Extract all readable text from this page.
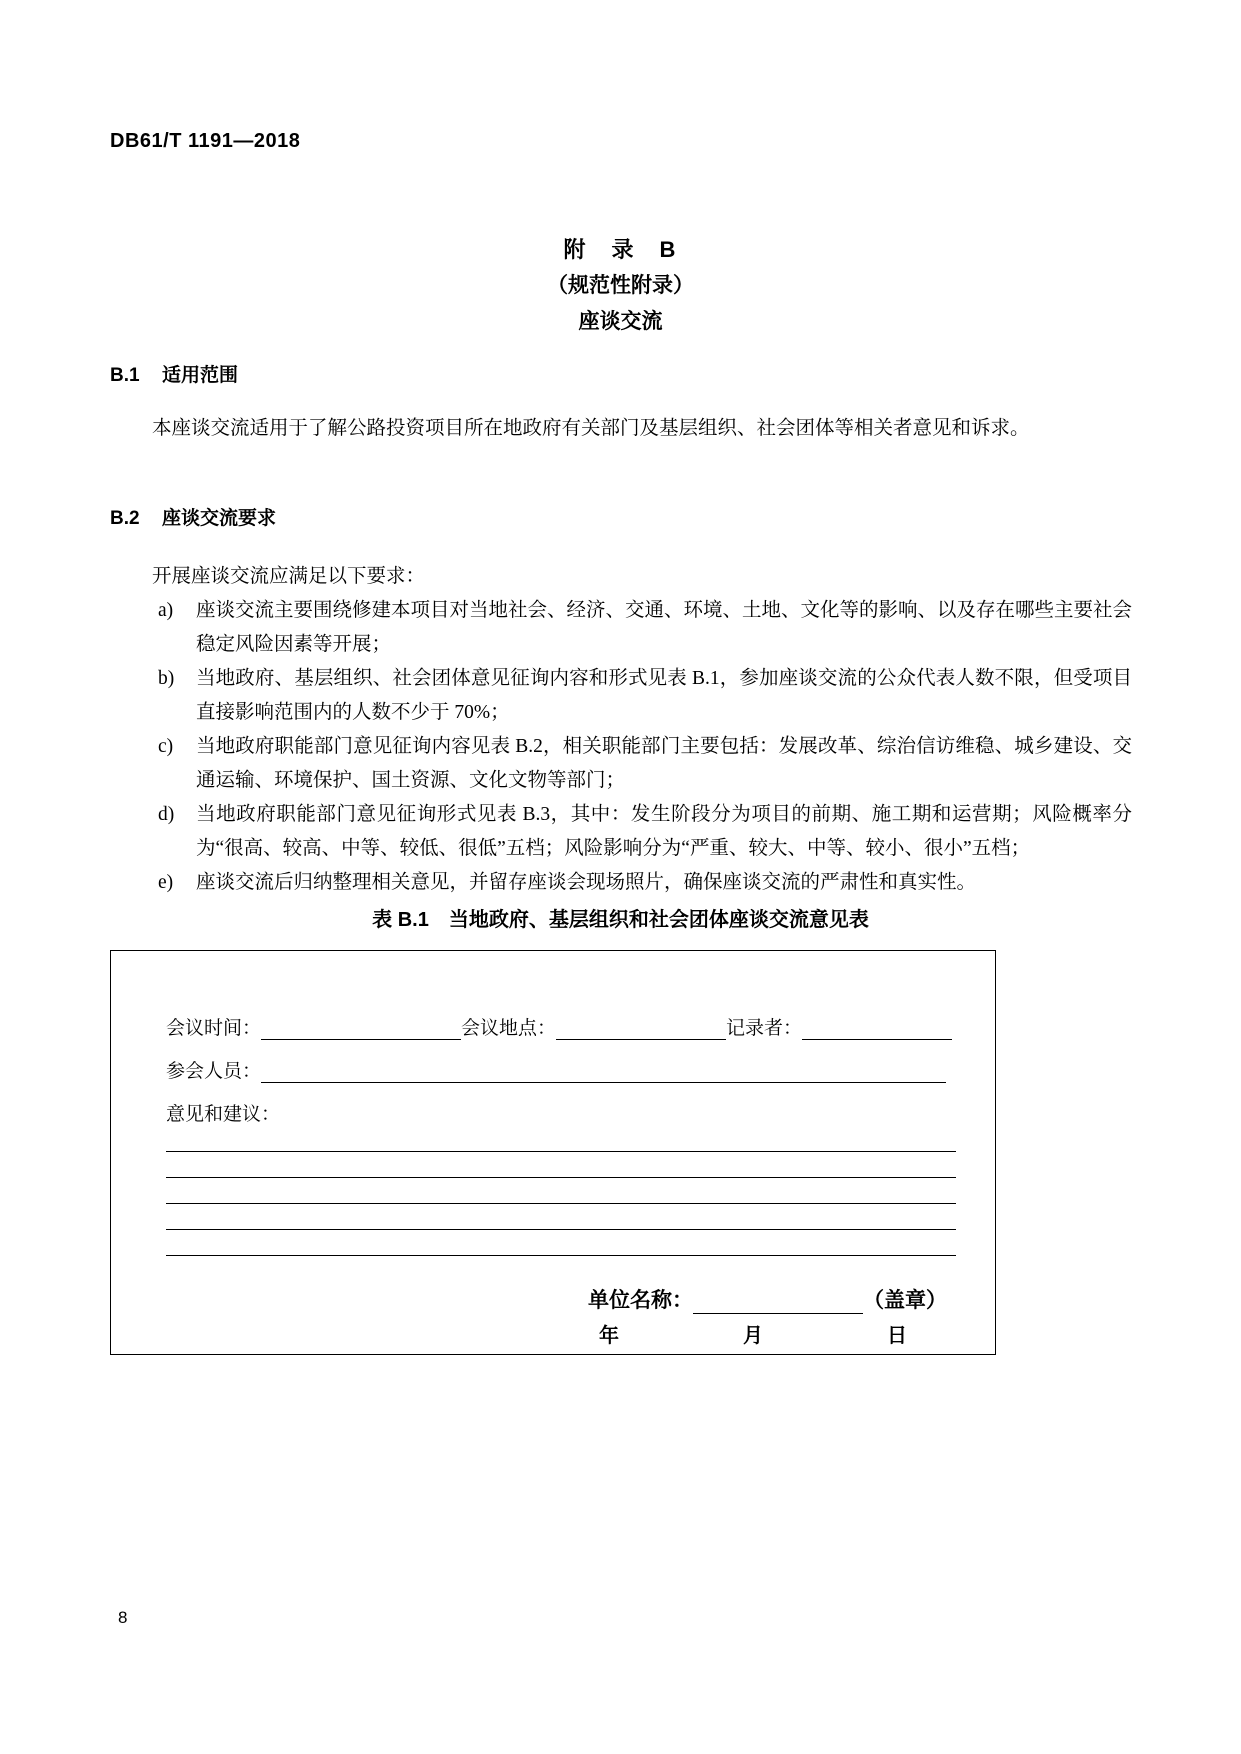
DB61/T 1191—2018
附　录　B
（规范性附录）
座谈交流
B.1 适用范围
本座谈交流适用于了解公路投资项目所在地政府有关部门及基层组织、社会团体等相关者意见和诉求。
B.2 座谈交流要求
开展座谈交流应满足以下要求：
a)	座谈交流主要围绕修建本项目对当地社会、经济、交通、环境、土地、文化等的影响、以及存在哪些主要社会稳定风险因素等开展；
b)	当地政府、基层组织、社会团体意见征询内容和形式见表 B.1，参加座谈交流的公众代表人数不限，但受项目直接影响范围内的人数不少于 70%；
c)	当地政府职能部门意见征询内容见表 B.2，相关职能部门主要包括：发展改革、综治信访维稳、城乡建设、交通运输、环境保护、国土资源、文化文物等部门；
d)	当地政府职能部门意见征询形式见表 B.3，其中：发生阶段分为项目的前期、施工期和运营期；风险概率分为“很高、较高、中等、较低、很低”五档；风险影响分为“严重、较大、中等、较小、很小”五档；
e)	座谈交流后归纳整理相关意见，并留存座谈会现场照片，确保座谈交流的严肃性和真实性。
表 B.1　当地政府、基层组织和社会团体座谈交流意见表
会议时间：	会议地点：	记录者：
参会人员：
意见和建议：
单位名称：	（盖章）
年　　月　　日
8
